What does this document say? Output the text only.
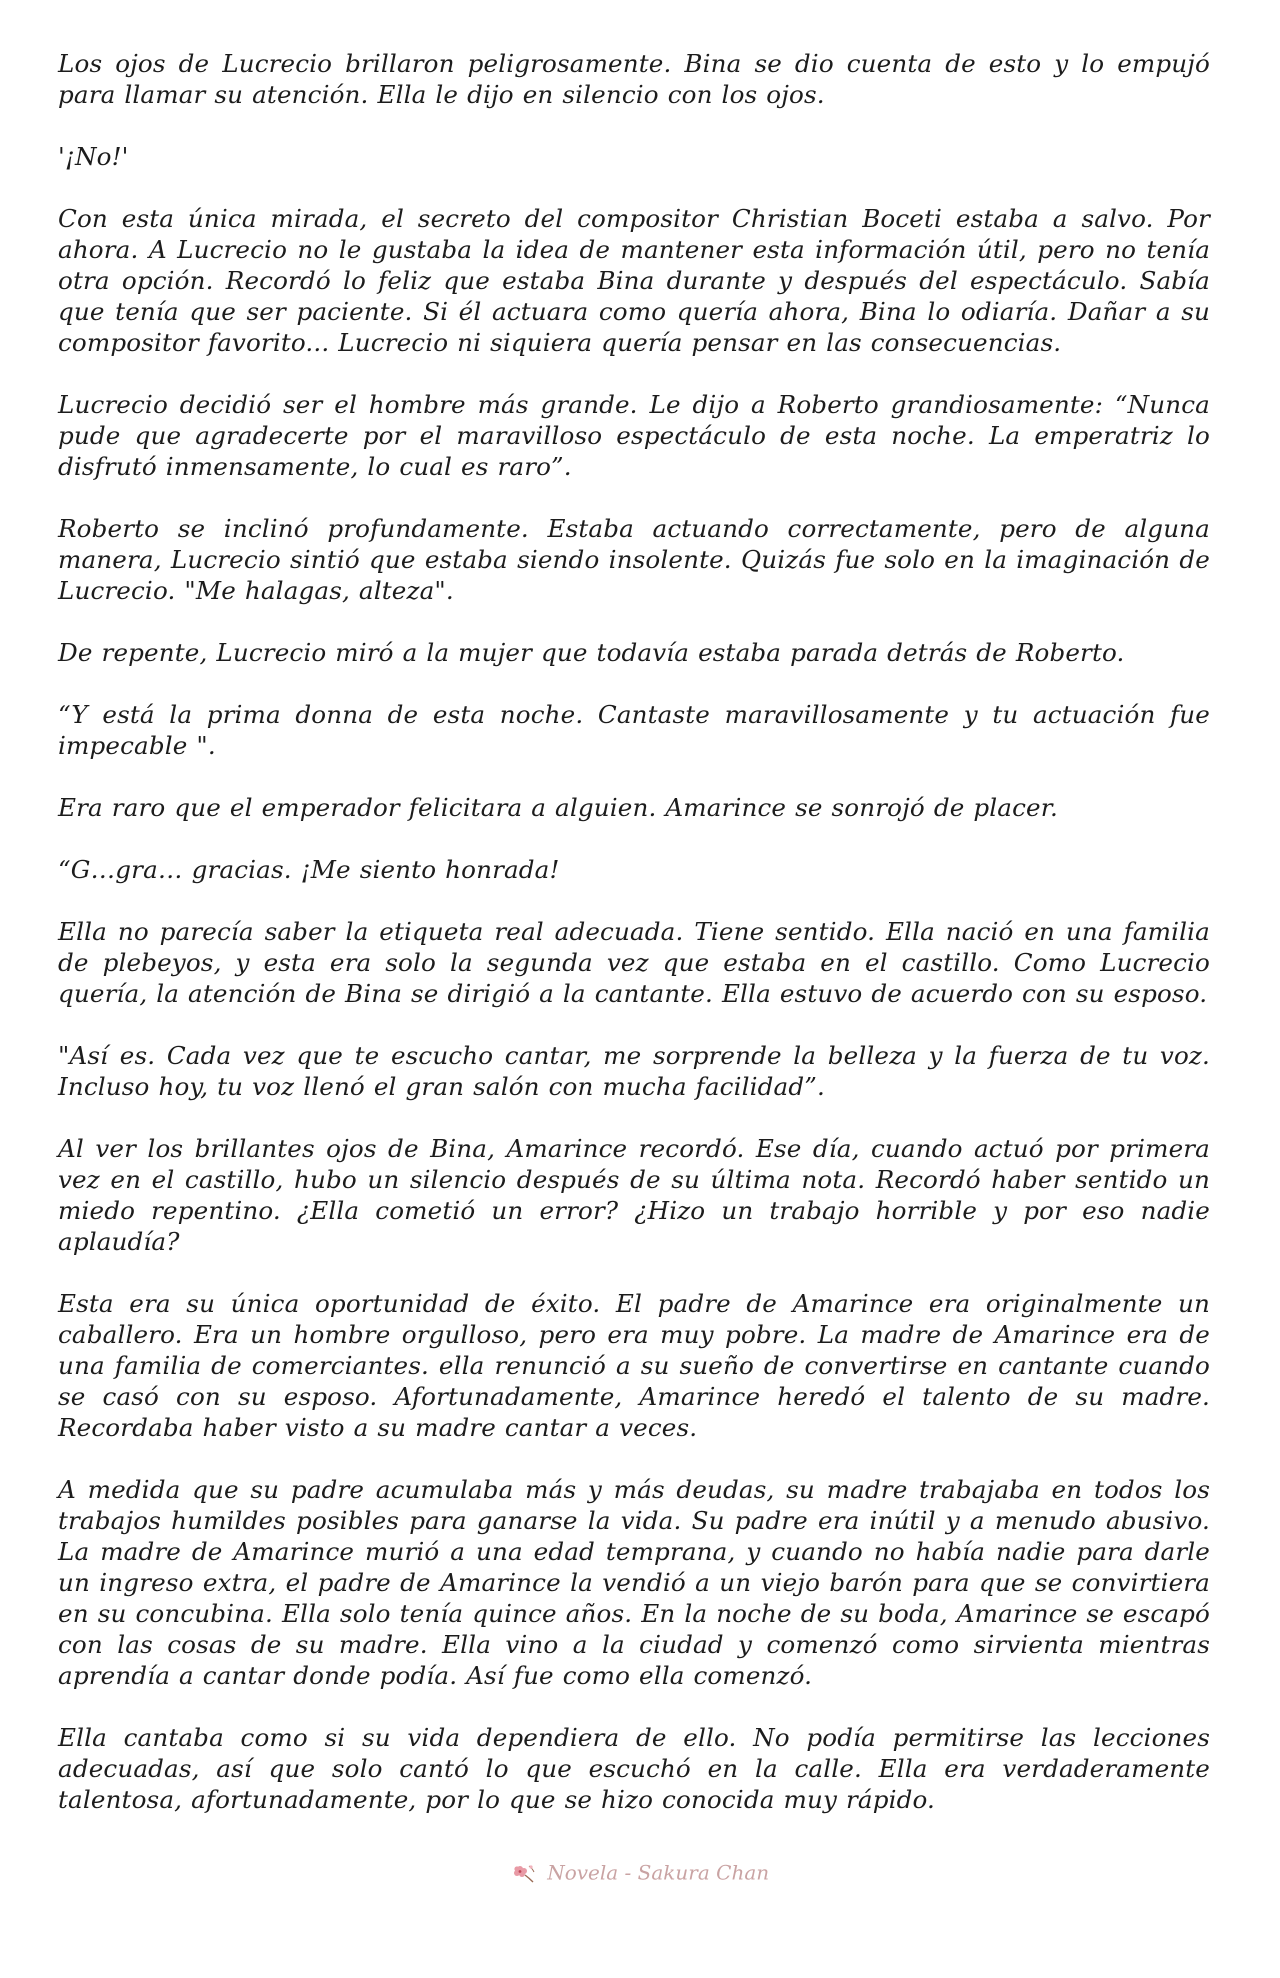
Los ojos de Lucrecio brillaron peligrosamente. Bina se dio cuenta de esto y lo empujó para llamar su atención. Ella le dijo en silencio con los ojos.

'¡No!'

Con esta única mirada, el secreto del compositor Christian Boceti estaba a salvo. Por ahora. A Lucrecio no le gustaba la idea de mantener esta información útil, pero no tenía otra opción. Recordó lo feliz que estaba Bina durante y después del espectáculo. Sabía que tenía que ser paciente. Si él actuara como quería ahora, Bina lo odiaría. Dañar a su compositor favorito... Lucrecio ni siquiera quería pensar en las consecuencias.

Lucrecio decidió ser el hombre más grande. Le dijo a Roberto grandiosamente: “Nunca pude que agradecerte por el maravilloso espectáculo de esta noche. La emperatriz lo disfrutó inmensamente, lo cual es raro”.

Roberto se inclinó profundamente. Estaba actuando correctamente, pero de alguna manera, Lucrecio sintió que estaba siendo insolente. Quizás fue solo en la imaginación de Lucrecio. "Me halagas, alteza".

De repente, Lucrecio miró a la mujer que todavía estaba parada detrás de Roberto.

“Y está la prima donna de esta noche. Cantaste maravillosamente y tu actuación fue impecable ".

Era raro que el emperador felicitara a alguien. Amarince se sonrojó de placer.

“G…gra… gracias. ¡Me siento honrada!

Ella no parecía saber la etiqueta real adecuada. Tiene sentido. Ella nació en una familia de plebeyos, y esta era solo la segunda vez que estaba en el castillo. Como Lucrecio quería, la atención de Bina se dirigió a la cantante. Ella estuvo de acuerdo con su esposo.

"Así es. Cada vez que te escucho cantar, me sorprende la belleza y la fuerza de tu voz. Incluso hoy, tu voz llenó el gran salón con mucha facilidad”.

Al ver los brillantes ojos de Bina, Amarince recordó. Ese día, cuando actuó por primera vez en el castillo, hubo un silencio después de su última nota. Recordó haber sentido un miedo repentino. ¿Ella cometió un error? ¿Hizo un trabajo horrible y por eso nadie aplaudía?

Esta era su única oportunidad de éxito. El padre de Amarince era originalmente un caballero. Era un hombre orgulloso, pero era muy pobre. La madre de Amarince era de una familia de comerciantes. ella renunció a su sueño de convertirse en cantante cuando se casó con su esposo. Afortunadamente, Amarince heredó el talento de su madre. Recordaba haber visto a su madre cantar a veces.

A medida que su padre acumulaba más y más deudas, su madre trabajaba en todos los trabajos humildes posibles para ganarse la vida. Su padre era inútil y a menudo abusivo. La madre de Amarince murió a una edad temprana, y cuando no había nadie para darle un ingreso extra, el padre de Amarince la vendió a un viejo barón para que se convirtiera en su concubina. Ella solo tenía quince años. En la noche de su boda, Amarince se escapó con las cosas de su madre. Ella vino a la ciudad y comenzó como sirvienta mientras aprendía a cantar donde podía. Así fue como ella comenzó.

Ella cantaba como si su vida dependiera de ello. No podía permitirse las lecciones adecuadas, así que solo cantó lo que escuchó en la calle. Ella era verdaderamente talentosa, afortunadamente, por lo que se hizo conocida muy rápido.

Novela - Sakura Chan
